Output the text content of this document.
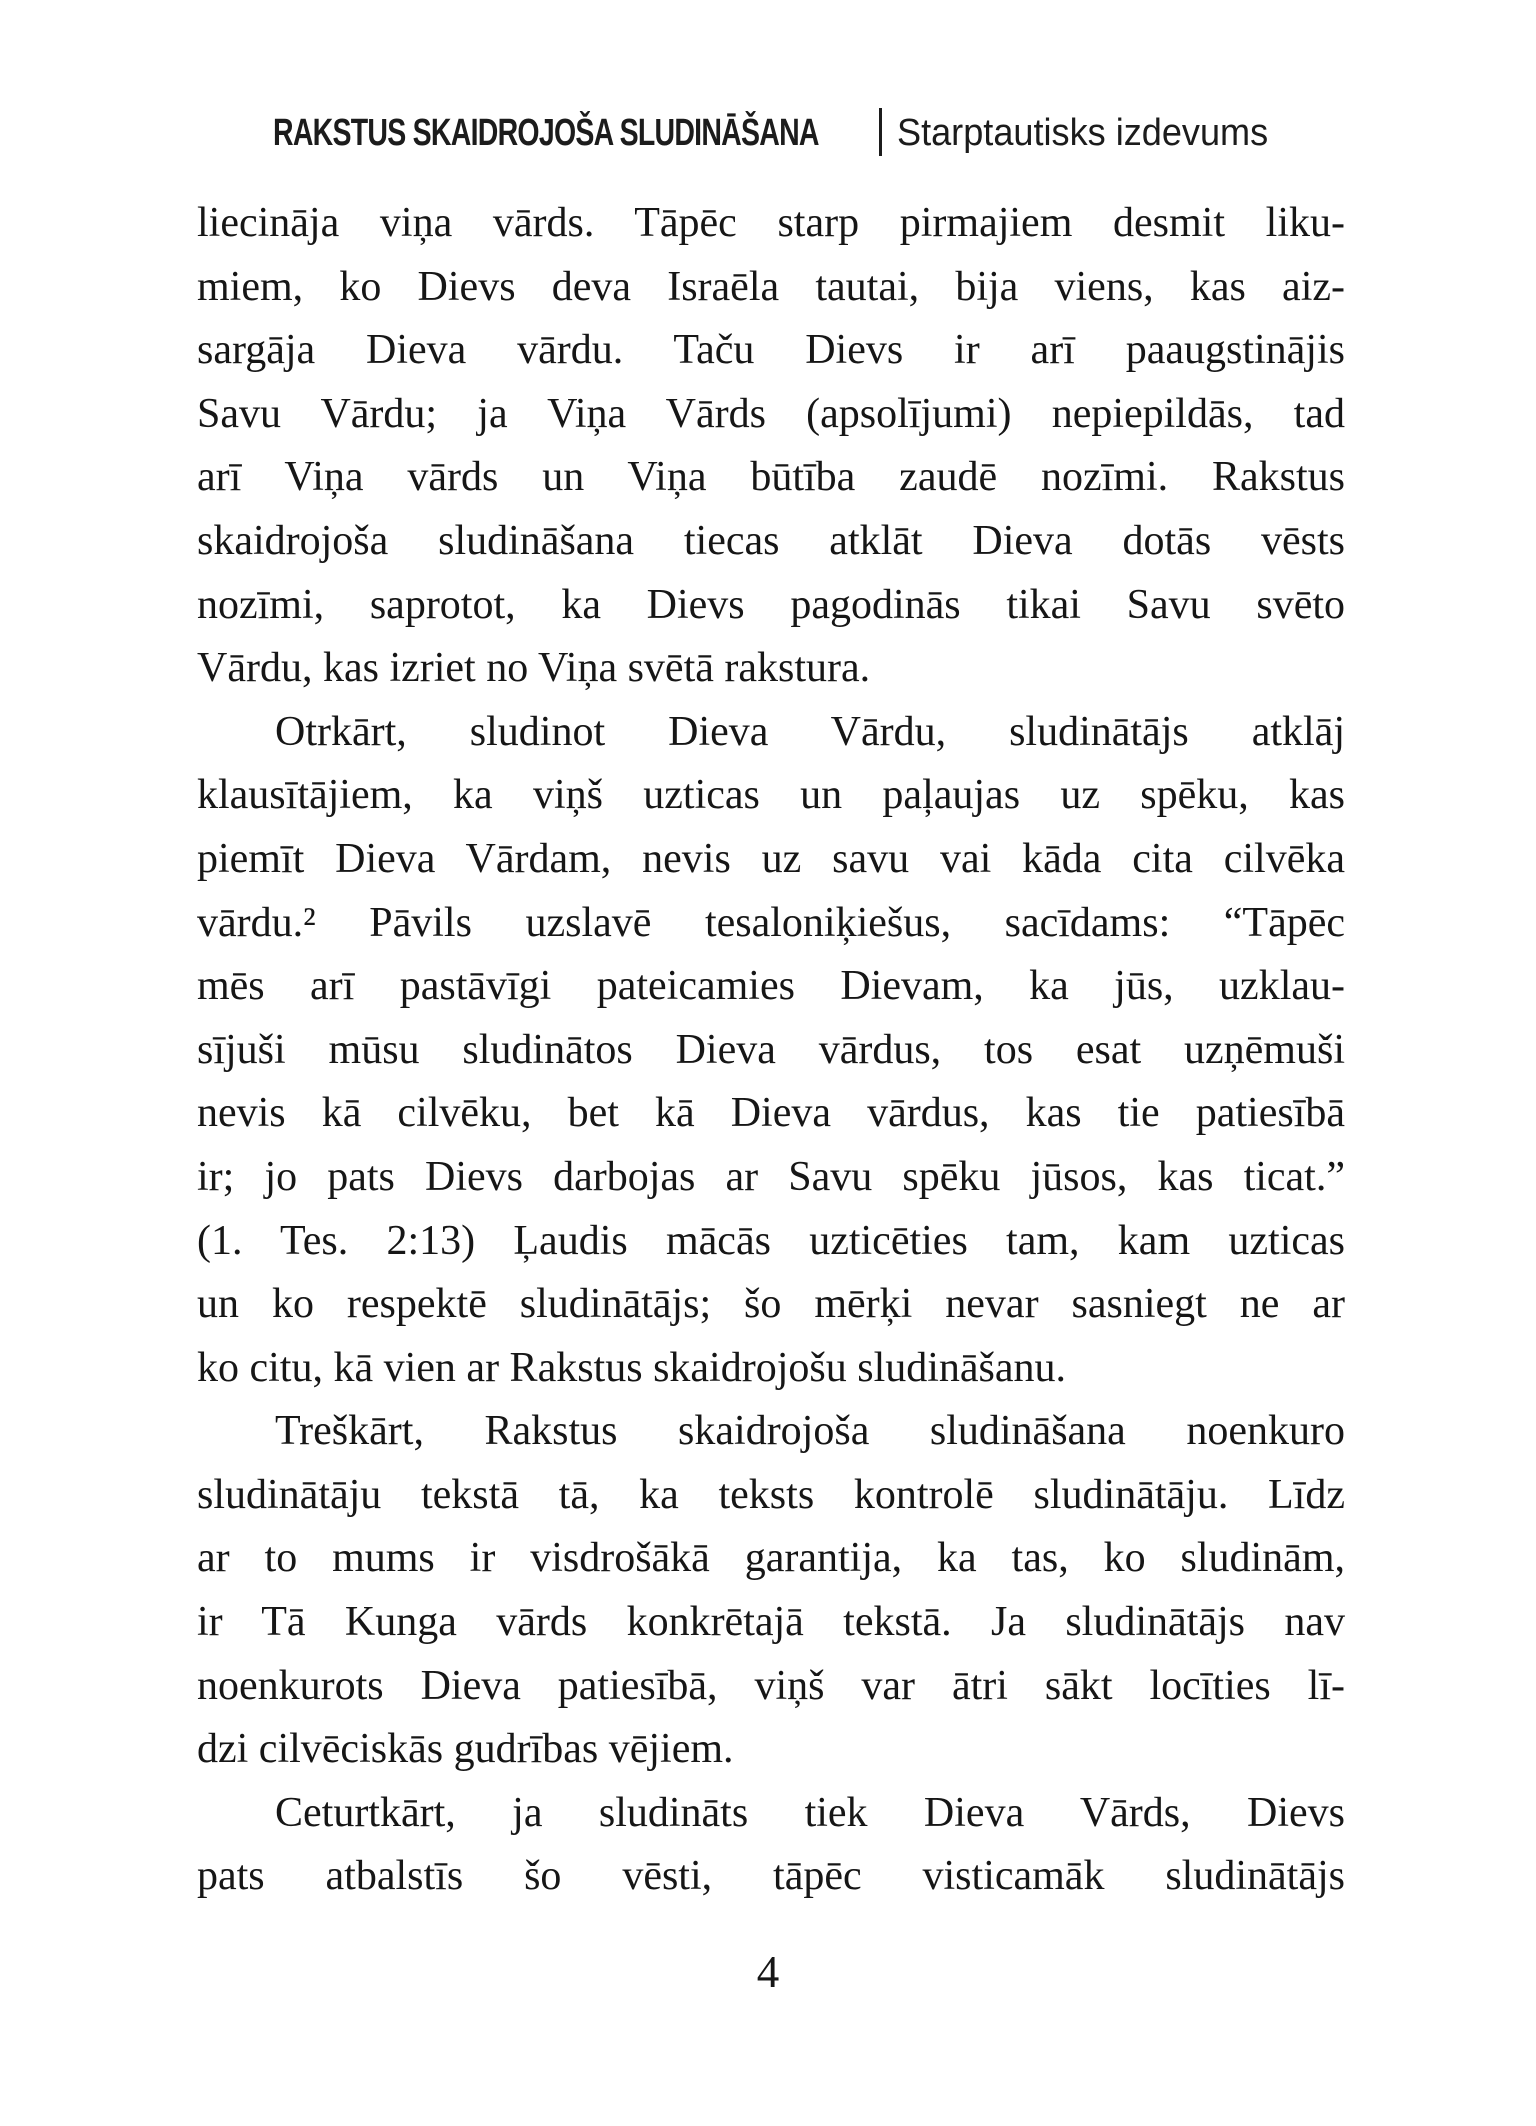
RAKSTUS SKAIDROJOŠA SLUDINĀŠANA Starptautisks izdevums
liecināja viņa vārds. Tāpēc starp pirmajiem desmit liku-
miem, ko Dievs deva Israēla tautai, bija viens, kas aiz-
sargāja Dieva vārdu. Taču Dievs ir arī paaugstinājis
Savu Vārdu; ja Viņa Vārds (apsolījumi) nepiepildās, tad
arī Viņa vārds un Viņa būtība zaudē nozīmi. Rakstus
skaidrojoša sludināšana tiecas atklāt Dieva dotās vēsts
nozīmi, saprotot, ka Dievs pagodinās tikai Savu svēto
Vārdu, kas izriet no Viņa svētā rakstura.
Otrkārt, sludinot Dieva Vārdu, sludinātājs atklāj
klausītājiem, ka viņš uzticas un paļaujas uz spēku, kas
piemīt Dieva Vārdam, nevis uz savu vai kāda cita cilvēka
vārdu.² Pāvils uzslavē tesaloniķiešus, sacīdams: “Tāpēc
mēs arī pastāvīgi pateicamies Dievam, ka jūs, uzklau-
sījuši mūsu sludinātos Dieva vārdus, tos esat uzņēmuši
nevis kā cilvēku, bet kā Dieva vārdus, kas tie patiesībā
ir; jo pats Dievs darbojas ar Savu spēku jūsos, kas ticat.”
(1. Tes. 2:13) Ļaudis mācās uzticēties tam, kam uzticas
un ko respektē sludinātājs; šo mērķi nevar sasniegt ne ar
ko citu, kā vien ar Rakstus skaidrojošu sludināšanu.
Treškārt, Rakstus skaidrojoša sludināšana noenkuro
sludinātāju tekstā tā, ka teksts kontrolē sludinātāju. Līdz
ar to mums ir visdrošākā garantija, ka tas, ko sludinām,
ir Tā Kunga vārds konkrētajā tekstā. Ja sludinātājs nav
noenkurots Dieva patiesībā, viņš var ātri sākt locīties lī-
dzi cilvēciskās gudrības vējiem.
Ceturtkārt, ja sludināts tiek Dieva Vārds, Dievs
pats atbalstīs šo vēsti, tāpēc visticamāk sludinātājs
4
